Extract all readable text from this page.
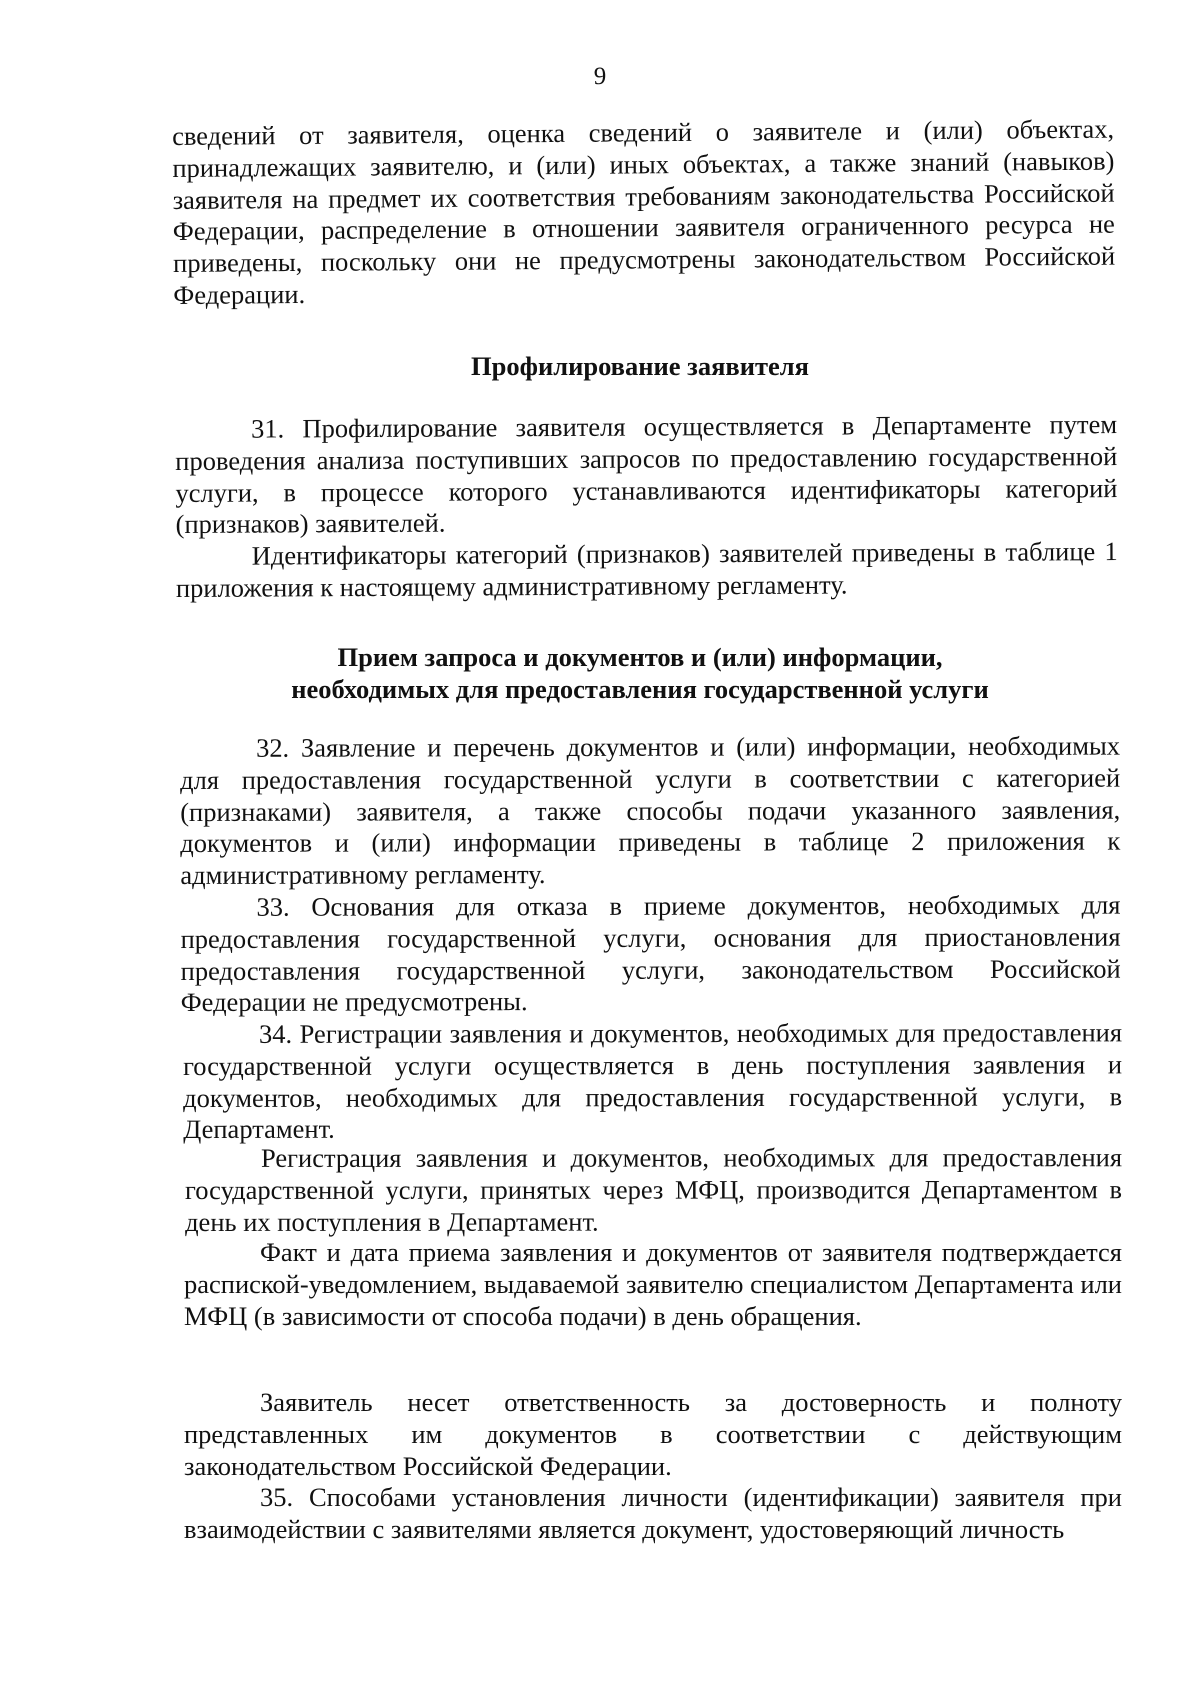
9

сведений от заявителя, оценка сведений о заявителе и (или) объектах, принадлежащих заявителю, и (или) иных объектах, а также знаний (навыков) заявителя на предмет их соответствия требованиям законодательства Российской Федерации, распределение в отношении заявителя ограниченного ресурса не приведены, поскольку они не предусмотрены законодательством Российской Федерации.

Профилирование заявителя

31. Профилирование заявителя осуществляется в Департаменте путем проведения анализа поступивших запросов по предоставлению государственной услуги, в процессе которого устанавливаются идентификаторы категорий (признаков) заявителей.

Идентификаторы категорий (признаков) заявителей приведены в таблице 1 приложения к настоящему административному регламенту.

Прием запроса и документов и (или) информации,
необходимых для предоставления государственной услуги

32. Заявление и перечень документов и (или) информации, необходимых для предоставления государственной услуги в соответствии с категорией (признаками) заявителя, а также способы подачи указанного заявления, документов и (или) информации приведены в таблице 2 приложения к административному регламенту.

33. Основания для отказа в приеме документов, необходимых для предоставления государственной услуги, основания для приостановления предоставления государственной услуги, законодательством Российской Федерации не предусмотрены.

34. Регистрации заявления и документов, необходимых для предоставления государственной услуги осуществляется в день поступления заявления и документов, необходимых для предоставления государственной услуги, в Департамент.

Регистрация заявления и документов, необходимых для предоставления государственной услуги, принятых через МФЦ, производится Департаментом в день их поступления в Департамент.

Факт и дата приема заявления и документов от заявителя подтверждается распиской-уведомлением, выдаваемой заявителю специалистом Департамента или МФЦ (в зависимости от способа подачи) в день обращения.

Заявитель несет ответственность за достоверность и полноту представленных им документов в соответствии с действующим законодательством Российской Федерации.

35. Способами установления личности (идентификации) заявителя при взаимодействии с заявителями является документ, удостоверяющий личность
